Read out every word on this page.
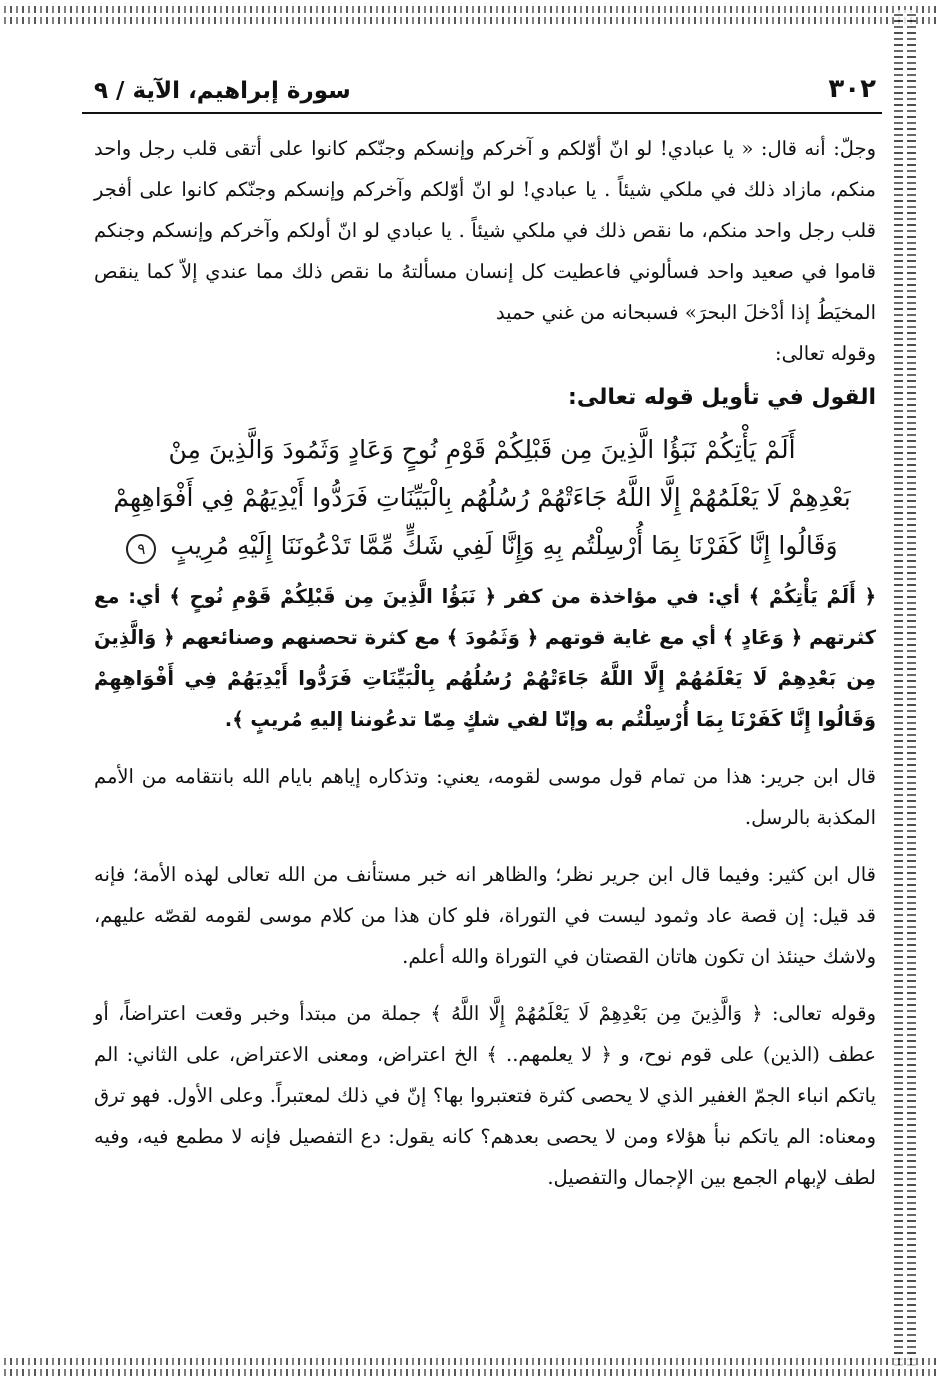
٣٠٢
سورة إبراهيم، الآية / ٩

وجلّ: أنه قال: « يا عبادي! لو انّ أوّلكم و آخركم وإنسكم وجنّكم كانوا على أتقى قلب رجل واحد منكم، مازاد ذلك في ملكي شيئاً . يا عبادي! لو انّ أوّلكم وآخركم وإنسكم وجنّكم كانوا على أفجر قلب رجل واحد منكم، ما نقص ذلك في ملكي شيئاً . يا عبادي لو انّ أولكم وآخركم وإنسكم وجنكم قاموا في صعيد واحد فسألوني فاعطيت كل إنسان مسألتهُ ما نقص ذلك مما عندي إلاّ كما ينقص المخيَطُ إذا أدْخلَ البحرَ» فسبحانه من غني حميد

وقوله تعالى:

القول في تأويل قوله تعالى:
أَلَمْ يَأْتِكُمْ نَبَؤُا الَّذِينَ مِن قَبْلِكُمْ قَوْمِ نُوحٍ وَعَادٍ وَثَمُودَ وَالَّذِينَ مِنْ
بَعْدِهِمْ لَا يَعْلَمُهُمْ إِلَّا اللَّهُ جَاءَتْهُمْ رُسُلُهُم بِالْبَيِّنَاتِ فَرَدُّوا أَيْدِيَهُمْ فِي أَفْوَاهِهِمْ
وَقَالُوا إِنَّا كَفَرْنَا بِمَا أُرْسِلْتُم بِهِ وَإِنَّا لَفِي شَكٍّ مِّمَّا تَدْعُونَنَا إِلَيْهِ مُرِيبٍ ٩

﴿ أَلَمْ يَأْتِكُمْ ﴾ أي: في مؤاخذة من كفر ﴿ نَبَؤُا الَّذِينَ مِن قَبْلِكُمْ قَوْمِ نُوحٍ ﴾ أي: مع كثرتهم ﴿ وَعَادٍ ﴾ أي مع غاية قوتهم ﴿ وَثَمُودَ ﴾ مع كثرة تحصنهم وصنائعهم ﴿ وَالَّذِينَ مِن بَعْدِهِمْ لَا يَعْلَمُهُمْ إِلَّا اللَّهُ جَاءَتْهُمْ رُسُلُهُم بِالْبَيِّنَاتِ فَرَدُّوا أَيْدِيَهُمْ فِي أَفْوَاهِهِمْ وَقَالُوا إِنَّا كَفَرْنَا بِمَا أُرْسِلْتُم به وإنّا لفي شكٍ مِمّا تدعُوننا إليهِ مُريبٍ ﴾.

قال ابن جرير: هذا من تمام قول موسى لقومه، يعني: وتذكاره إياهم بايام الله بانتقامه من الأمم المكذبة بالرسل.

قال ابن كثير: وفيما قال ابن جرير نظر؛ والظاهر انه خبر مستأنف من الله تعالى لهذه الأمة؛ فإنه قد قيل: إن قصة عاد وثمود ليست في التوراة، فلو كان هذا من كلام موسى لقومه لقصّه عليهم، ولاشك حينئذ ان تكون هاتان القصتان في التوراة والله أعلم.

وقوله تعالى: ﴿ وَالَّذِينَ مِن بَعْدِهِمْ لَا يَعْلَمُهُمْ إِلَّا اللَّهُ ﴾ جملة من مبتدأ وخبر وقعت اعتراضاً، أو عطف (الذين) على قوم نوح، و ﴿ لا يعلمهم.. ﴾ الخ اعتراض، ومعنى الاعتراض، على الثاني: الم ياتكم انباء الجمّ الغفير الذي لا يحصى كثرة فتعتبروا بها؟ إنّ في ذلك لمعتبراً. وعلى الأول. فهو ترق ومعناه: الم ياتكم نبأ هؤلاء ومن لا يحصى بعدهم؟ كانه يقول: دع التفصيل فإنه لا مطمع فيه، وفيه لطف لإبهام الجمع بين الإجمال والتفصيل.
